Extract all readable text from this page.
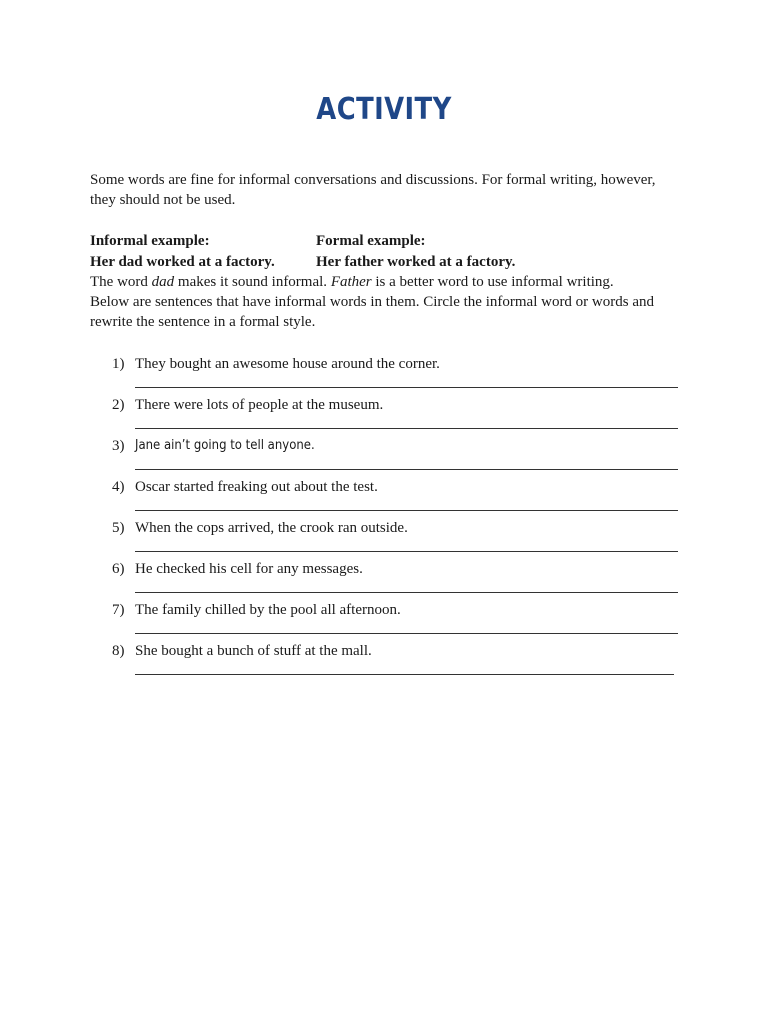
ACTIVITY

Some words are fine for informal conversations and discussions. For formal writing, however, they should not be used.

Informal example:	Formal example:
Her dad worked at a factory.	Her father worked at a factory.

The word dad makes it sound informal. Father is a better word to use informal writing.

Below are sentences that have informal words in them. Circle the informal word or words and rewrite the sentence in a formal style.

1) They bought an awesome house around the corner.
2) There were lots of people at the museum.
3) Jane ain’t going to tell anyone.
4) Oscar started freaking out about the test.
5) When the cops arrived, the crook ran outside.
6) He checked his cell for any messages.
7) The family chilled by the pool all afternoon.
8) She bought a bunch of stuff at the mall.
